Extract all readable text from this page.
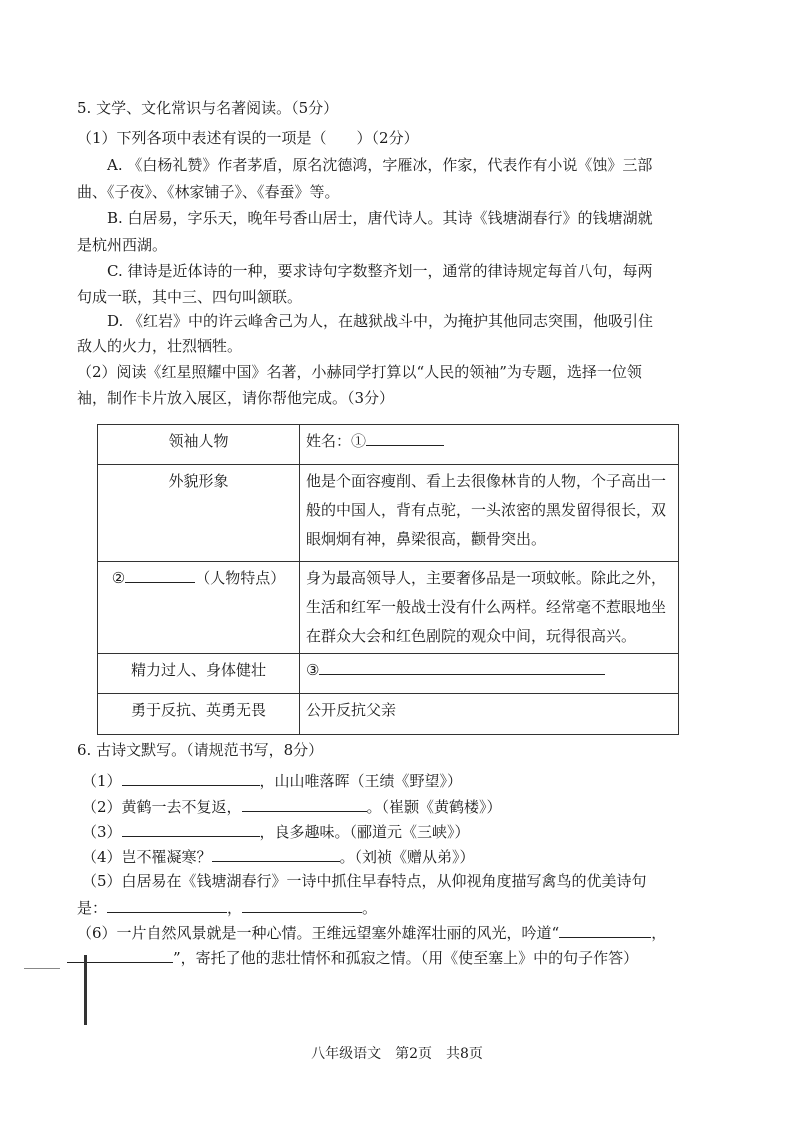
5. 文学、文化常识与名著阅读。（5分）
（1）下列各项中表述有误的一项是（　　）（2分）
A. 《白杨礼赞》作者茅盾，原名沈德鸿，字雁冰，作家，代表作有小说《蚀》三部
曲、《子夜》、《林家铺子》、《春蚕》等。
B. 白居易，字乐天，晚年号香山居士，唐代诗人。其诗《钱塘湖春行》的钱塘湖就
是杭州西湖。
C. 律诗是近体诗的一种，要求诗句字数整齐划一，通常的律诗规定每首八句，每两
句成一联，其中三、四句叫颔联。
D. 《红岩》中的许云峰舍己为人，在越狱战斗中，为掩护其他同志突围，他吸引住
敌人的火力，壮烈牺牲。
（2）阅读《红星照耀中国》名著，小赫同学打算以“人民的领袖”为专题，选择一位领
袖，制作卡片放入展区，请你帮他完成。（3分）
领袖人物	姓名：①
外貌形象	他是个面容瘦削、看上去很像林肯的人物，个子高出一
般的中国人，背有点驼，一头浓密的黑发留得很长，双
眼炯炯有神，鼻梁很高，颧骨突出。

② （人物特点）	身为最高领导人，主要奢侈品是一项蚊帐。除此之外，
生活和红军一般战士没有什么两样。经常毫不惹眼地坐
在群众大会和红色剧院的观众中间，玩得很高兴。

精力过人、身体健壮	③
勇于反抗、英勇无畏	公开反抗父亲
6. 古诗文默写。（请规范书写，8分）
（1）	，山山唯落晖（王绩《野望》）
（2）黄鹤一去不复返，	。（崔颢《黄鹤楼》）
（3）	，良多趣味。（郦道元《三峡》）
（4）岂不罹凝寒？	。（刘祯《赠从弟》）
（5）白居易在《钱塘湖春行》一诗中抓住早春特点，从仰视角度描写禽鸟的优美诗句
是：	，	。
（6）一片自然风景就是一种心情。王维远望塞外雄浑壮丽的风光，吟道“	，
”，寄托了他的悲壮情怀和孤寂之情。（用《使至塞上》中的句子作答）
八年级语文　第2页　共8页
